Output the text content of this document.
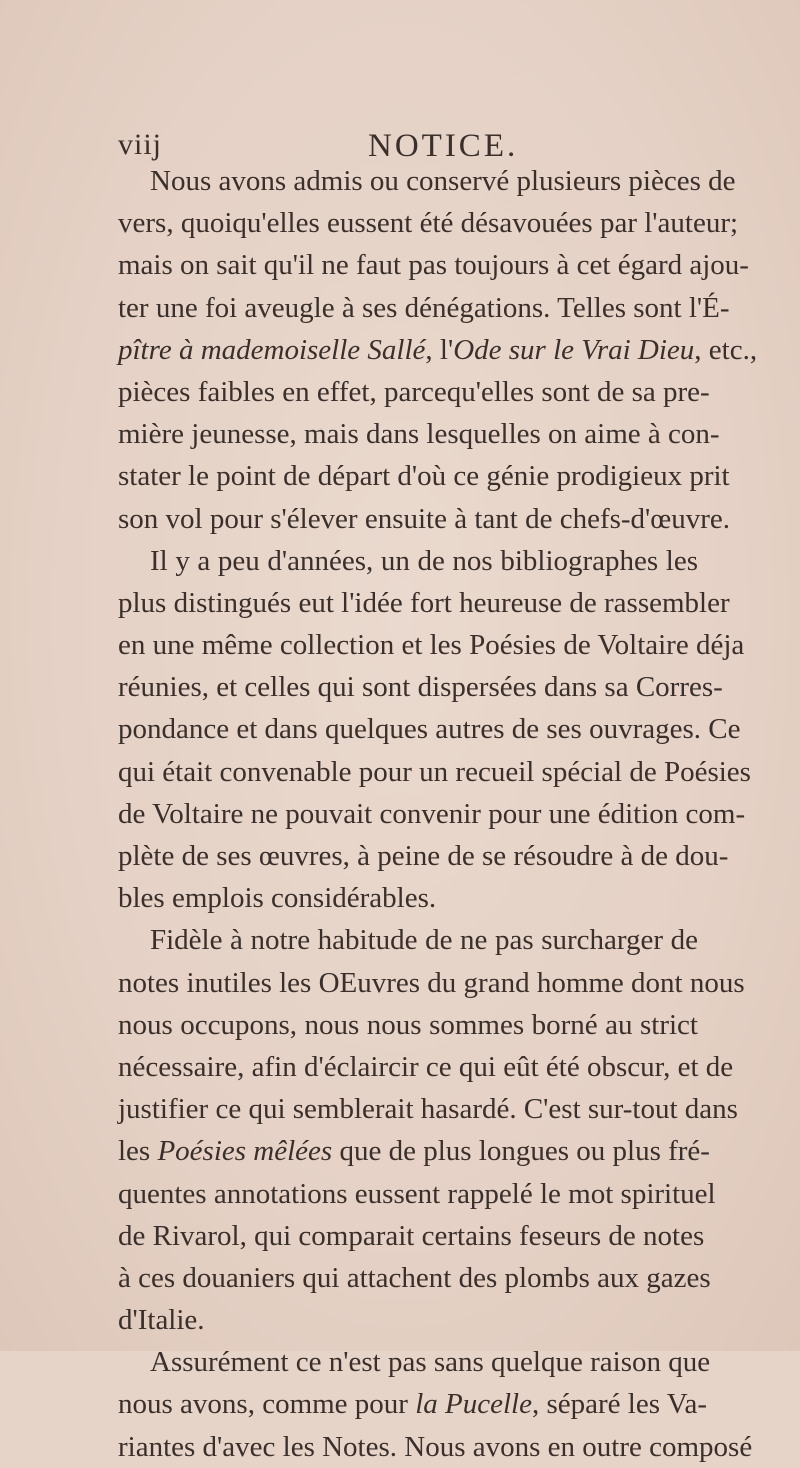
viij	NOTICE.
Nous avons admis ou conservé plusieurs pièces de
vers, quoiqu'elles eussent été désavouées par l'auteur;
mais on sait qu'il ne faut pas toujours à cet égard ajou-
ter une foi aveugle à ses dénégations. Telles sont l'É-
pître à mademoiselle Sallé, l'Ode sur le Vrai Dieu, etc.,
pièces faibles en effet, parcequ'elles sont de sa pre-
mière jeunesse, mais dans lesquelles on aime à con-
stater le point de départ d'où ce génie prodigieux prit
son vol pour s'élever ensuite à tant de chefs-d'œuvre.
Il y a peu d'années, un de nos bibliographes les
plus distingués eut l'idée fort heureuse de rassembler
en une même collection et les Poésies de Voltaire déja
réunies, et celles qui sont dispersées dans sa Corres-
pondance et dans quelques autres de ses ouvrages. Ce
qui était convenable pour un recueil spécial de Poésies
de Voltaire ne pouvait convenir pour une édition com-
plète de ses œuvres, à peine de se résoudre à de dou-
bles emplois considérables.
Fidèle à notre habitude de ne pas surcharger de
notes inutiles les OEuvres du grand homme dont nous
nous occupons, nous nous sommes borné au strict
nécessaire, afin d'éclaircir ce qui eût été obscur, et de
justifier ce qui semblerait hasardé. C'est sur-tout dans
les Poésies mêlées que de plus longues ou plus fré-
quentes annotations eussent rappelé le mot spirituel
de Rivarol, qui comparait certains feseurs de notes
à ces douaniers qui attachent des plombs aux gazes
d'Italie.
Assurément ce n'est pas sans quelque raison que
nous avons, comme pour la Pucelle, séparé les Va-
riantes d'avec les Notes. Nous avons en outre composé
